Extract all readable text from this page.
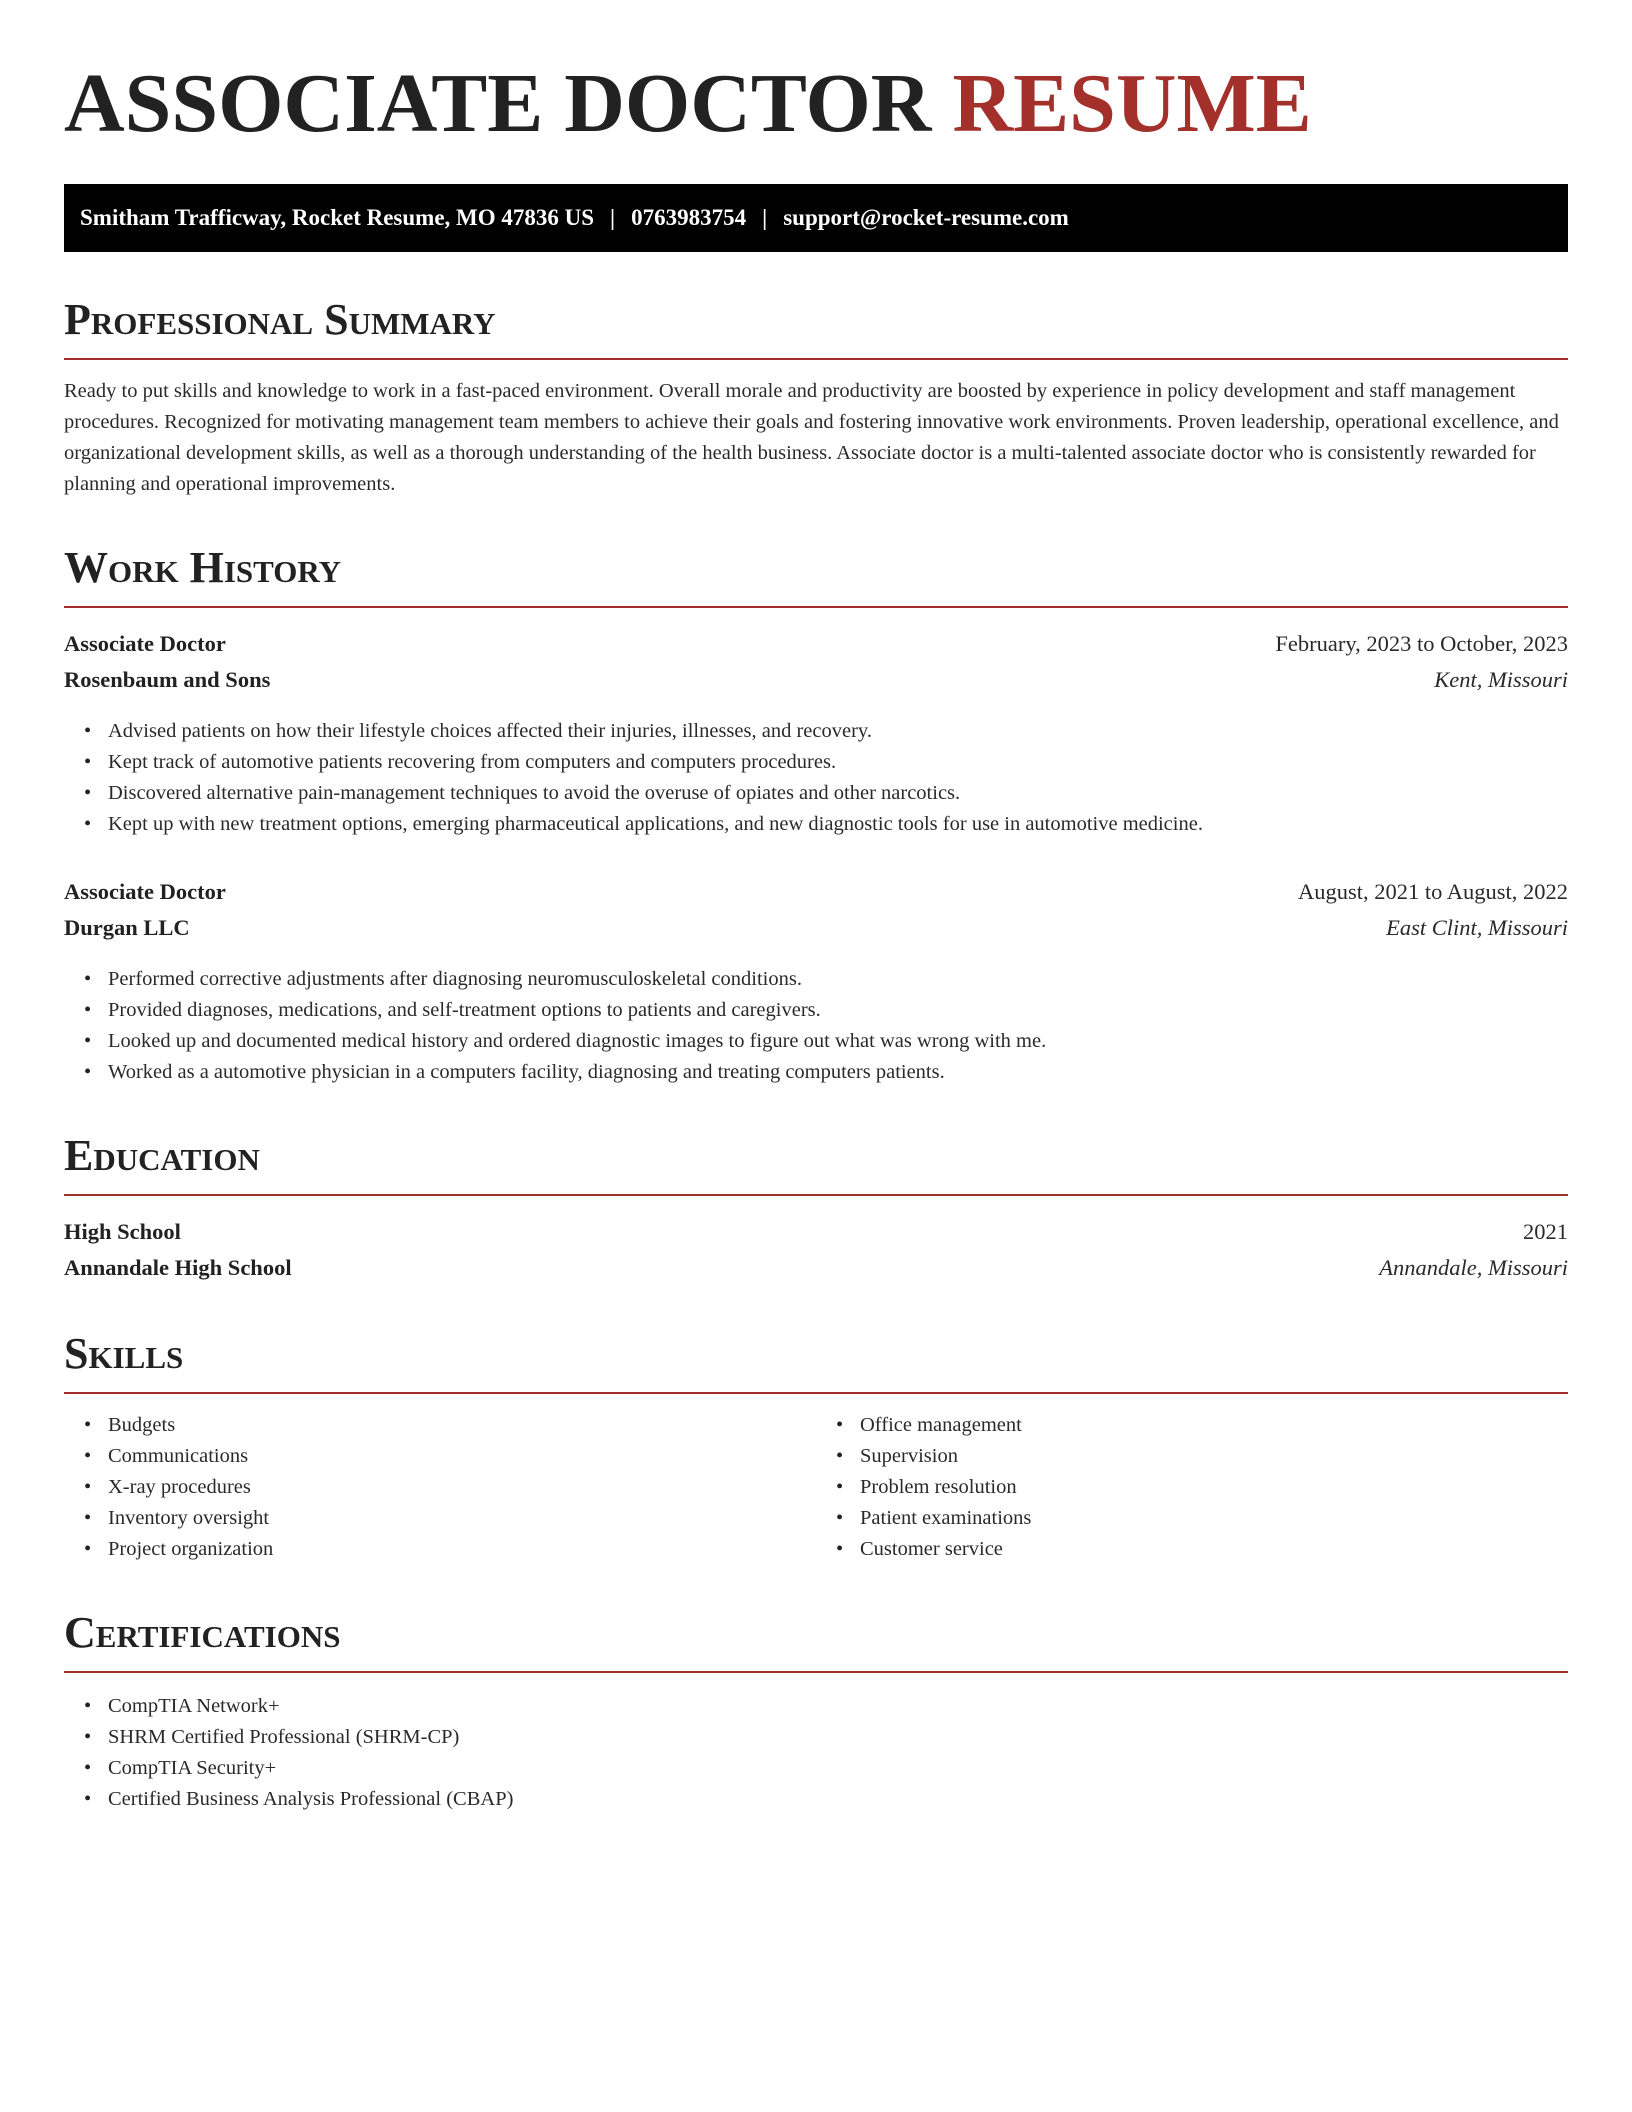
ASSOCIATE DOCTOR RESUME
Smitham Trafficway, Rocket Resume, MO 47836 US | 0763983754 | support@rocket-resume.com
Professional Summary

Ready to put skills and knowledge to work in a fast-paced environment. Overall morale and productivity are boosted by experience in policy development and staff management procedures. Recognized for motivating management team members to achieve their goals and fostering innovative work environments. Proven leadership, operational excellence, and organizational development skills, as well as a thorough understanding of the health business. Associate doctor is a multi-talented associate doctor who is consistently rewarded for planning and operational improvements.

Work History
Associate Doctor	February, 2023 to October, 2023
Rosenbaum and Sons	Kent, Missouri
• Advised patients on how their lifestyle choices affected their injuries, illnesses, and recovery.
• Kept track of automotive patients recovering from computers and computers procedures.
• Discovered alternative pain-management techniques to avoid the overuse of opiates and other narcotics.
• Kept up with new treatment options, emerging pharmaceutical applications, and new diagnostic tools for use in automotive medicine.
Associate Doctor	August, 2021 to August, 2022
Durgan LLC	East Clint, Missouri
• Performed corrective adjustments after diagnosing neuromusculoskeletal conditions.
• Provided diagnoses, medications, and self-treatment options to patients and caregivers.
• Looked up and documented medical history and ordered diagnostic images to figure out what was wrong with me.
• Worked as a automotive physician in a computers facility, diagnosing and treating computers patients.
Education
High School	2021
Annandale High School	Annandale, Missouri
Skills
• Budgets
• Communications
• X-ray procedures
• Inventory oversight
• Project organization
• Office management
• Supervision
• Problem resolution
• Patient examinations
• Customer service
Certifications
• CompTIA Network+
• SHRM Certified Professional (SHRM-CP)
• CompTIA Security+
• Certified Business Analysis Professional (CBAP)
